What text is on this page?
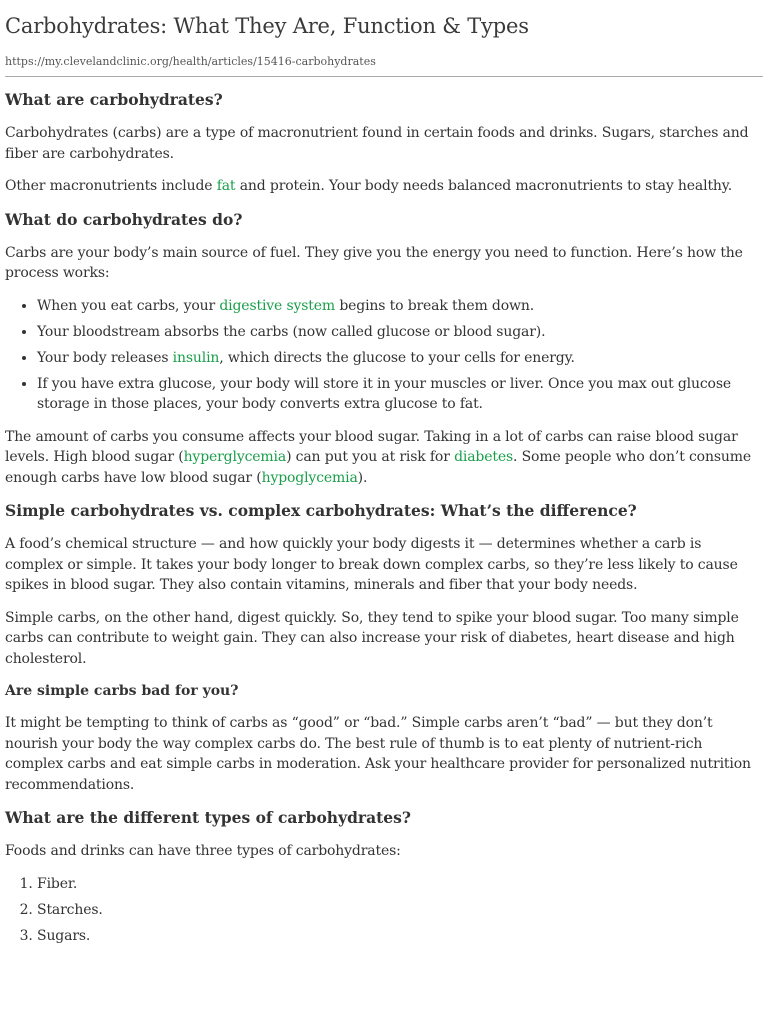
Carbohydrates: What They Are, Function & Types
https://my.clevelandclinic.org/health/articles/15416-carbohydrates
What are carbohydrates?

Carbohydrates (carbs) are a type of macronutrient found in certain foods and drinks. Sugars, starches and fiber are carbohydrates.

Other macronutrients include fat and protein. Your body needs balanced macronutrients to stay healthy.

What do carbohydrates do?

Carbs are your body’s main source of fuel. They give you the energy you need to function. Here’s how the process works:

• When you eat carbs, your digestive system begins to break them down.
• Your bloodstream absorbs the carbs (now called glucose or blood sugar).
• Your body releases insulin, which directs the glucose to your cells for energy.
• If you have extra glucose, your body will store it in your muscles or liver. Once you max out glucose storage in those places, your body converts extra glucose to fat.

The amount of carbs you consume affects your blood sugar. Taking in a lot of carbs can raise blood sugar levels. High blood sugar (hyperglycemia) can put you at risk for diabetes. Some people who don’t consume enough carbs have low blood sugar (hypoglycemia).

Simple carbohydrates vs. complex carbohydrates: What’s the difference?

A food’s chemical structure — and how quickly your body digests it — determines whether a carb is complex or simple. It takes your body longer to break down complex carbs, so they’re less likely to cause spikes in blood sugar. They also contain vitamins, minerals and fiber that your body needs.

Simple carbs, on the other hand, digest quickly. So, they tend to spike your blood sugar. Too many simple carbs can contribute to weight gain. They can also increase your risk of diabetes, heart disease and high cholesterol.

Are simple carbs bad for you?

It might be tempting to think of carbs as “good” or “bad.” Simple carbs aren’t “bad” — but they don’t nourish your body the way complex carbs do. The best rule of thumb is to eat plenty of nutrient-rich complex carbs and eat simple carbs in moderation. Ask your healthcare provider for personalized nutrition recommendations.

What are the different types of carbohydrates?

Foods and drinks can have three types of carbohydrates:

1. Fiber.
2. Starches.
3. Sugars.
